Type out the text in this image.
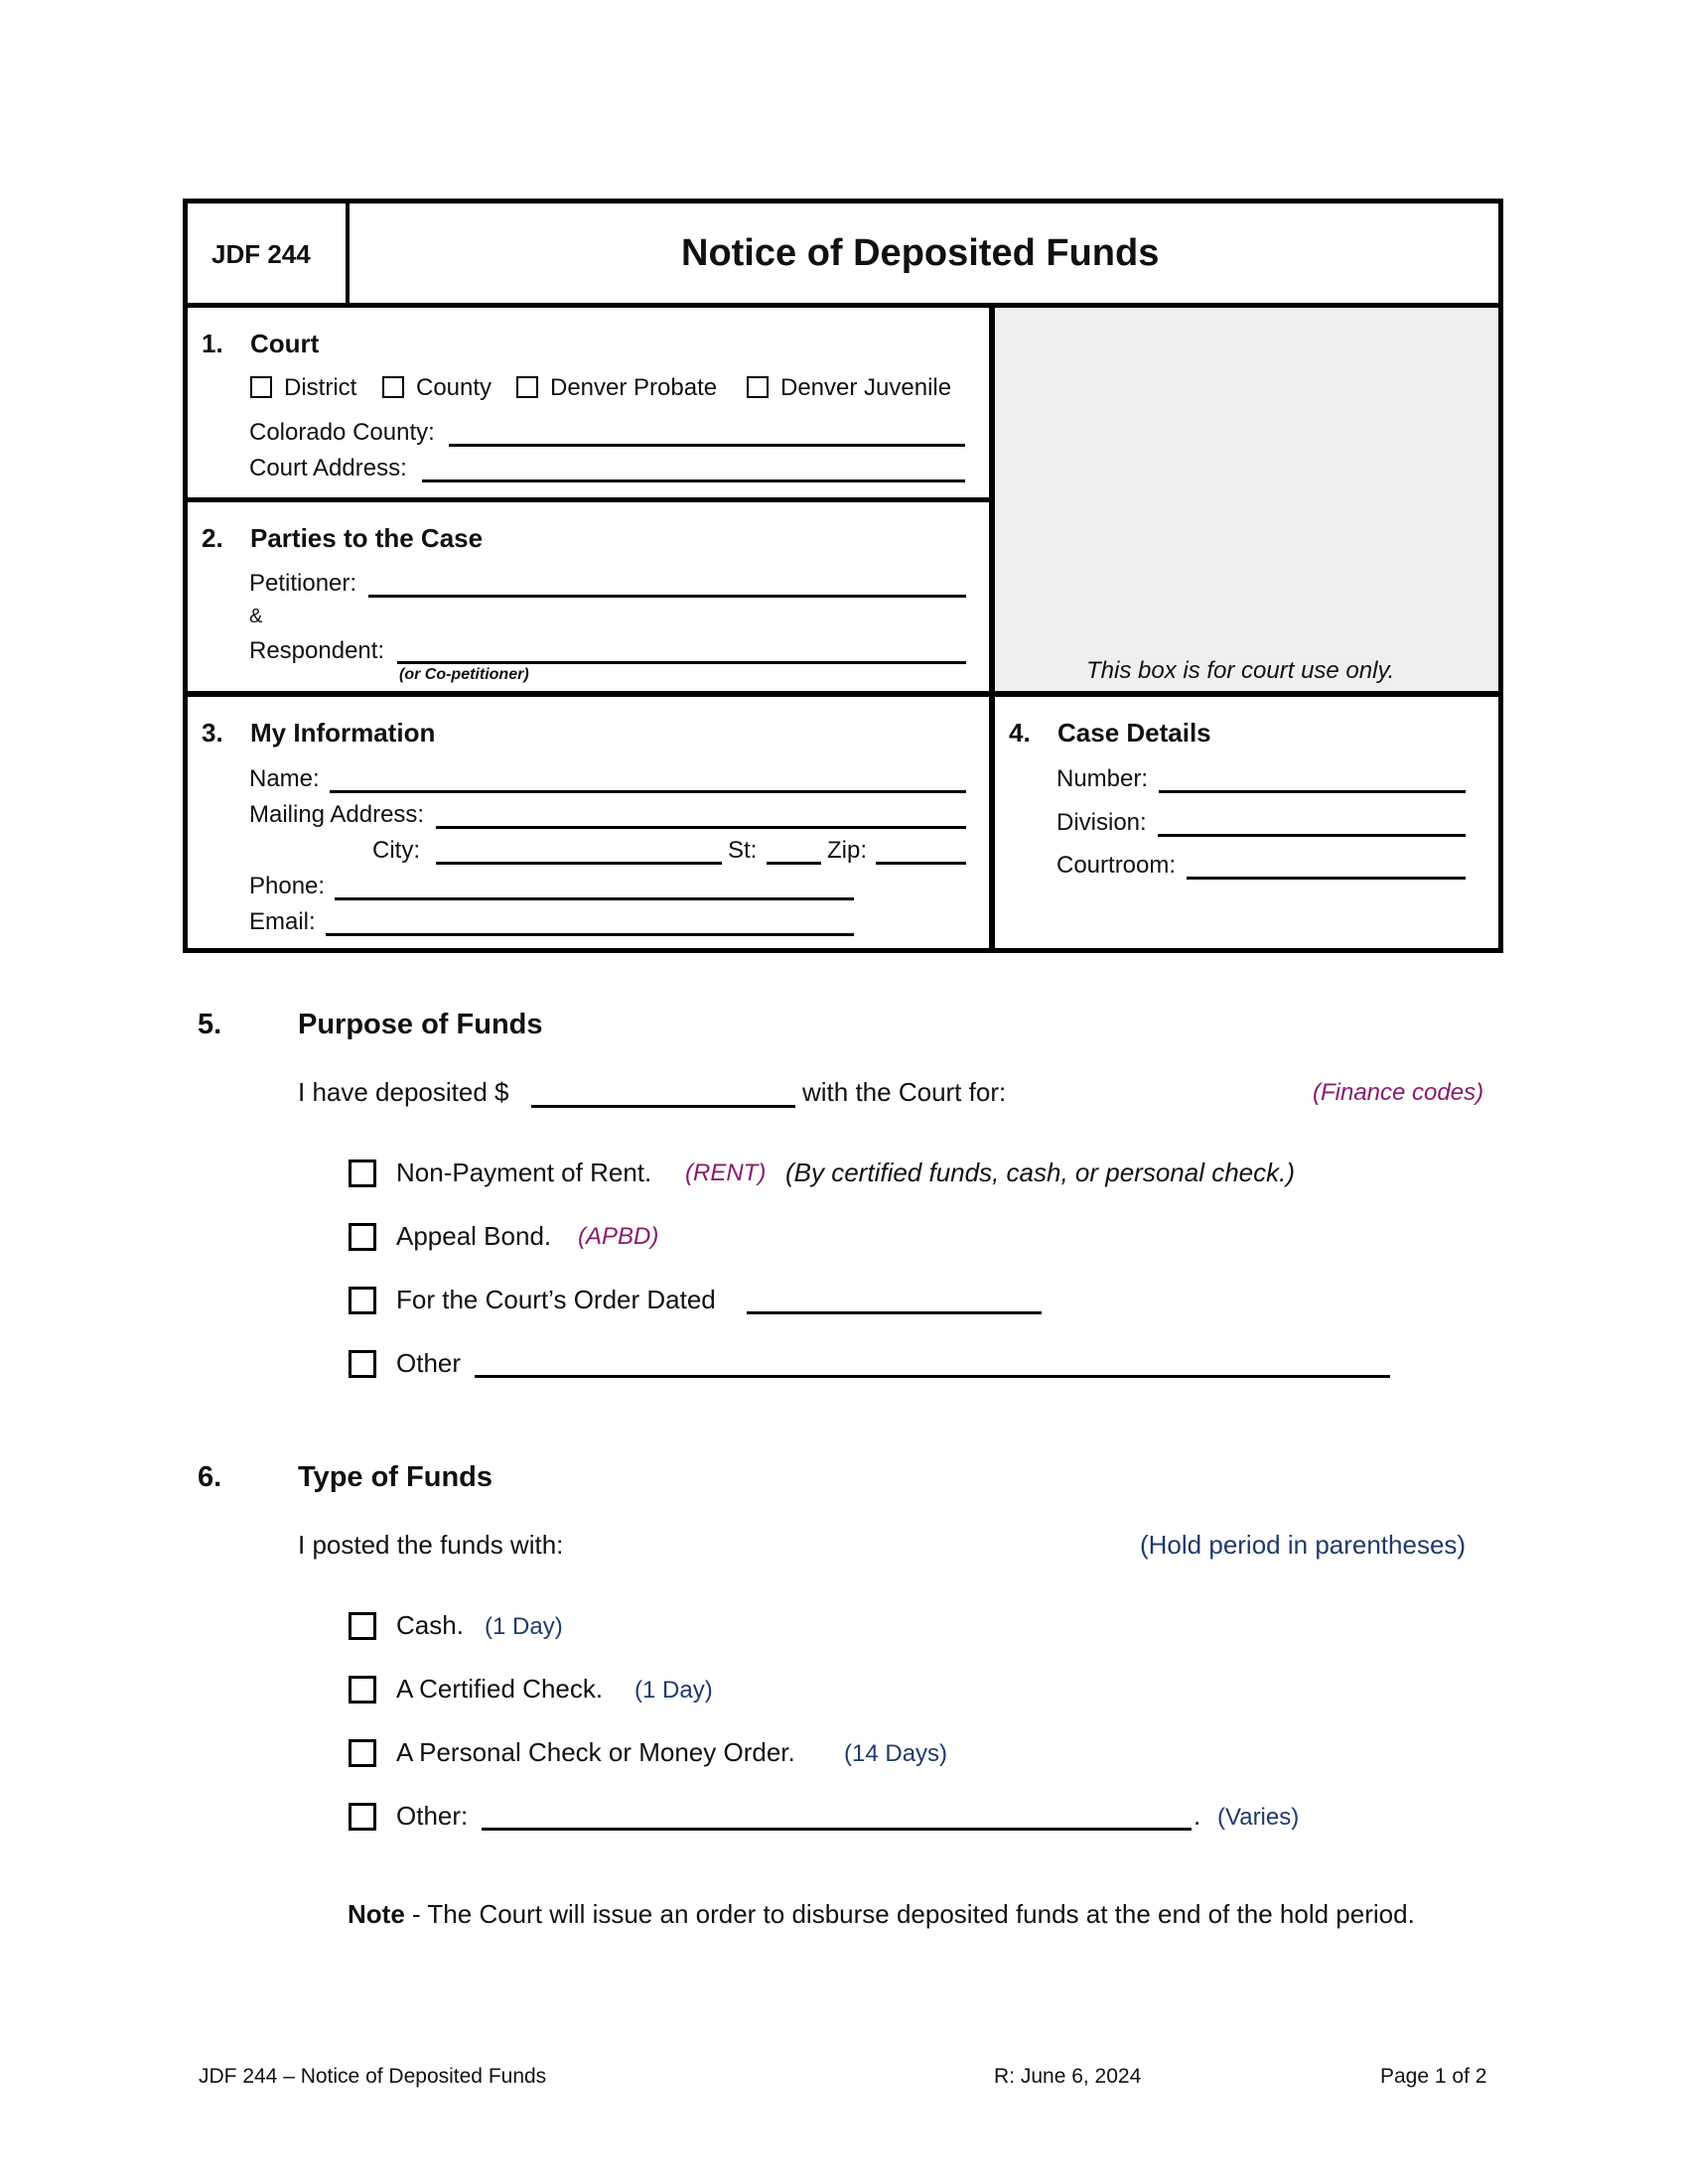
JDF 244	Notice of Deposited Funds
1. Court
District County Denver Probate	Denver Juvenile
Colorado County:
Court Address:
This box is for court use only.
2. Parties to the Case
Petitioner:
&
Respondent:
(or Co-petitioner)
3. My Information
Name:
Mailing Address:
City:	St:	Zip:
Phone:
Email:
4. Case Details
Number:
Division:
Courtroom:
5.	Purpose of Funds
I have deposited $	with the Court for:	(Finance codes)
Non-Payment of Rent. (RENT) (By certified funds, cash, or personal check.)
Appeal Bond. (APBD)
For the Court’s Order Dated
Other
6.	Type of Funds
I posted the funds with:	(Hold period in parentheses)
Cash. (1 Day)
A Certified Check. (1 Day)
A Personal Check or Money Order. (14 Days)
Other:	. (Varies)
Note - The Court will issue an order to disburse deposited funds at the end of the hold period.
JDF 244 – Notice of Deposited Funds	R: June 6, 2024	Page 1 of 2
